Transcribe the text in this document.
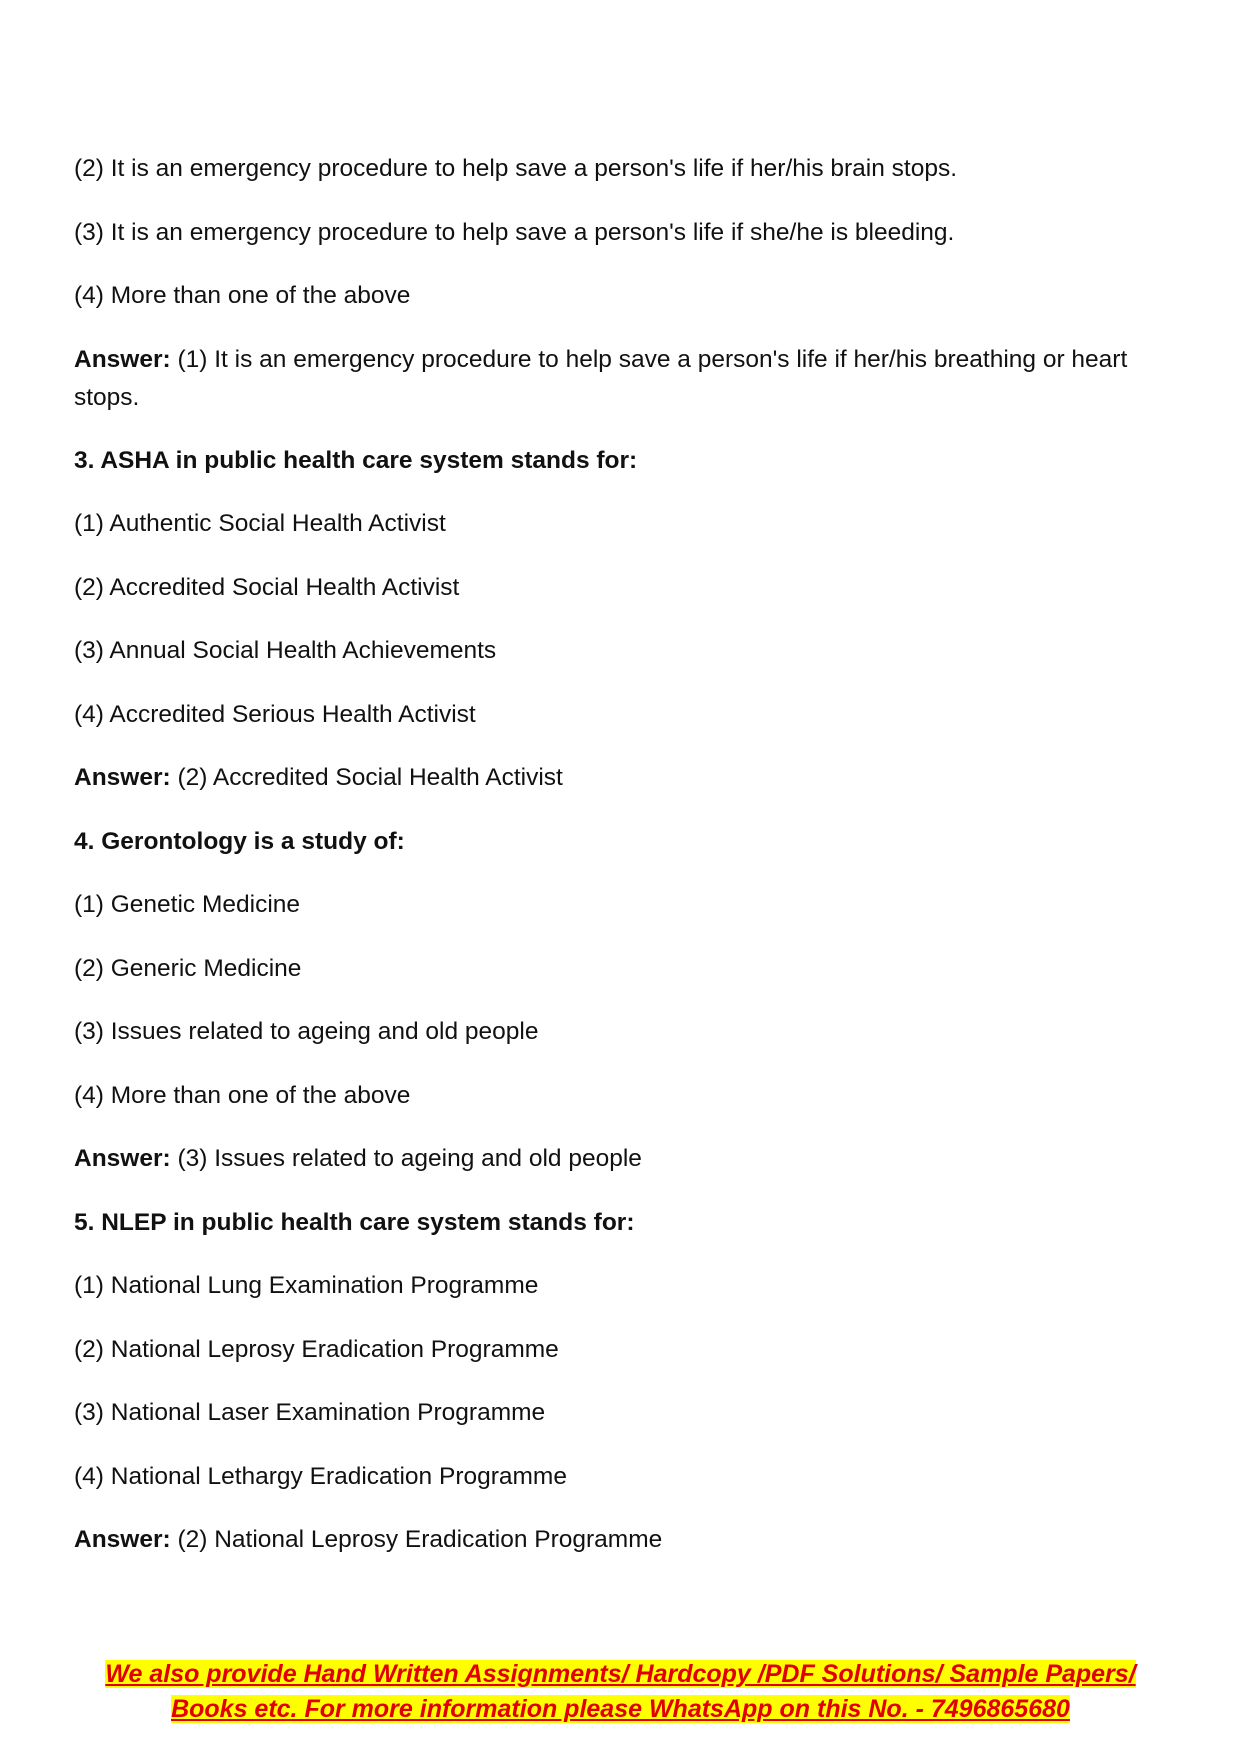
(2) It is an emergency procedure to help save a person's life if her/his brain stops.

(3) It is an emergency procedure to help save a person's life if she/he is bleeding.

(4) More than one of the above

Answer: (1) It is an emergency procedure to help save a person's life if her/his breathing or heart stops.

3. ASHA in public health care system stands for:

(1) Authentic Social Health Activist

(2) Accredited Social Health Activist

(3) Annual Social Health Achievements

(4) Accredited Serious Health Activist

Answer: (2) Accredited Social Health Activist

4. Gerontology is a study of:

(1) Genetic Medicine

(2) Generic Medicine

(3) Issues related to ageing and old people

(4) More than one of the above

Answer: (3) Issues related to ageing and old people

5. NLEP in public health care system stands for:

(1) National Lung Examination Programme

(2) National Leprosy Eradication Programme

(3) National Laser Examination Programme

(4) National Lethargy Eradication Programme

Answer: (2) National Leprosy Eradication Programme

We also provide Hand Written Assignments/ Hardcopy /PDF Solutions/ Sample Papers/
Books etc. For more information please WhatsApp on this No. - 7496865680
